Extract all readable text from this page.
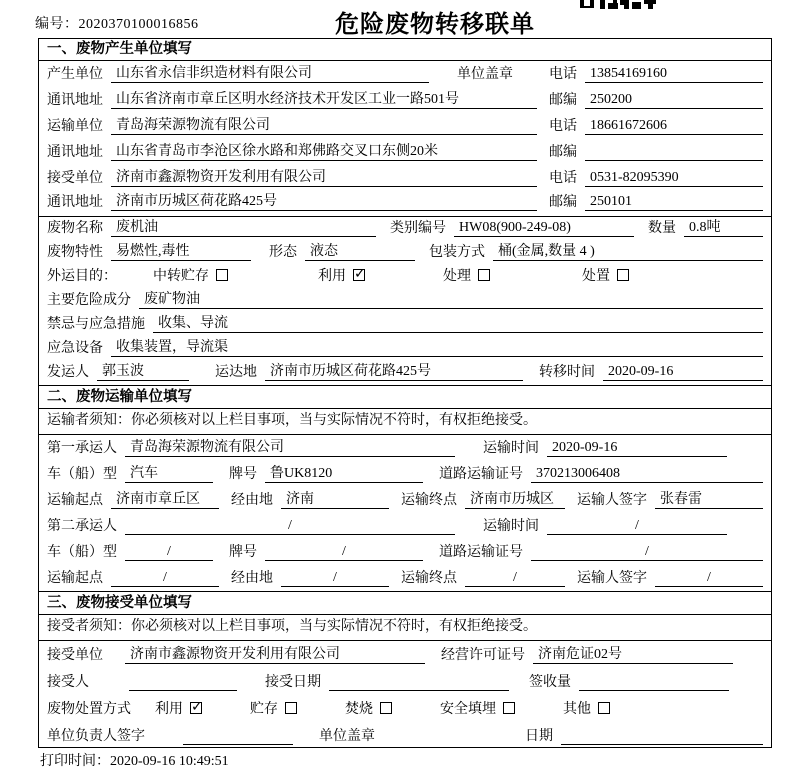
编号：2020370100016856	危险废物转移联单
一、废物产生单位填写
产生单位 山东省永信非织造材料有限公司	单位盖章	电话 13854169160
通讯地址 山东省济南市章丘区明水经济技术开发区工业一路501号	邮编 250200
运输单位 青岛海荣源物流有限公司	电话 18661672606
通讯地址 山东省青岛市李沧区徐水路和郑佛路交叉口东侧20米	邮编
接受单位 济南市鑫源物资开发利用有限公司	电话 0531-82095390
通讯地址 济南市历城区荷花路425号	邮编 250101
废物名称 废机油	类别编号 HW08(900-249-08)	数量 0.8吨
废物特性 易燃性,毒性	形态 液态	包装方式 桶(金属,数量 4 )
外运目的：	中转贮存	利用 ✓	处理	处置
主要危险成分 废矿物油
禁忌与应急措施 收集、导流
应急设备 收集装置，导流渠
发运人 郭玉波	运达地 济南市历城区荷花路425号	转移时间 2020-09-16
二、废物运输单位填写
运输者须知：你必须核对以上栏目事项，当与实际情况不符时，有权拒绝接受。
第一承运人 青岛海荣源物流有限公司	运输时间 2020-09-16
车（船）型 汽车	牌号 鲁UK8120	道路运输证号 370213006408
运输起点 济南市章丘区	经由地 济南	运输终点 济南市历城区	运输人签字 张春雷
第二承运人	/	运输时间	/
车（船）型	/	牌号	/	道路运输证号	/
运输起点	/	经由地	/	运输终点	/	运输人签字	/
三、废物接受单位填写
接受者须知：你必须核对以上栏目事项，当与实际情况不符时，有权拒绝接受。
接受单位	济南市鑫源物资开发利用有限公司	经营许可证号 济南危证02号
接受人	接受日期	签收量
废物处置方式	利用 ✓	贮存	焚烧	安全填埋	其他
单位负责人签字	单位盖章	日期
打印时间：2020-09-16 10:49:51
